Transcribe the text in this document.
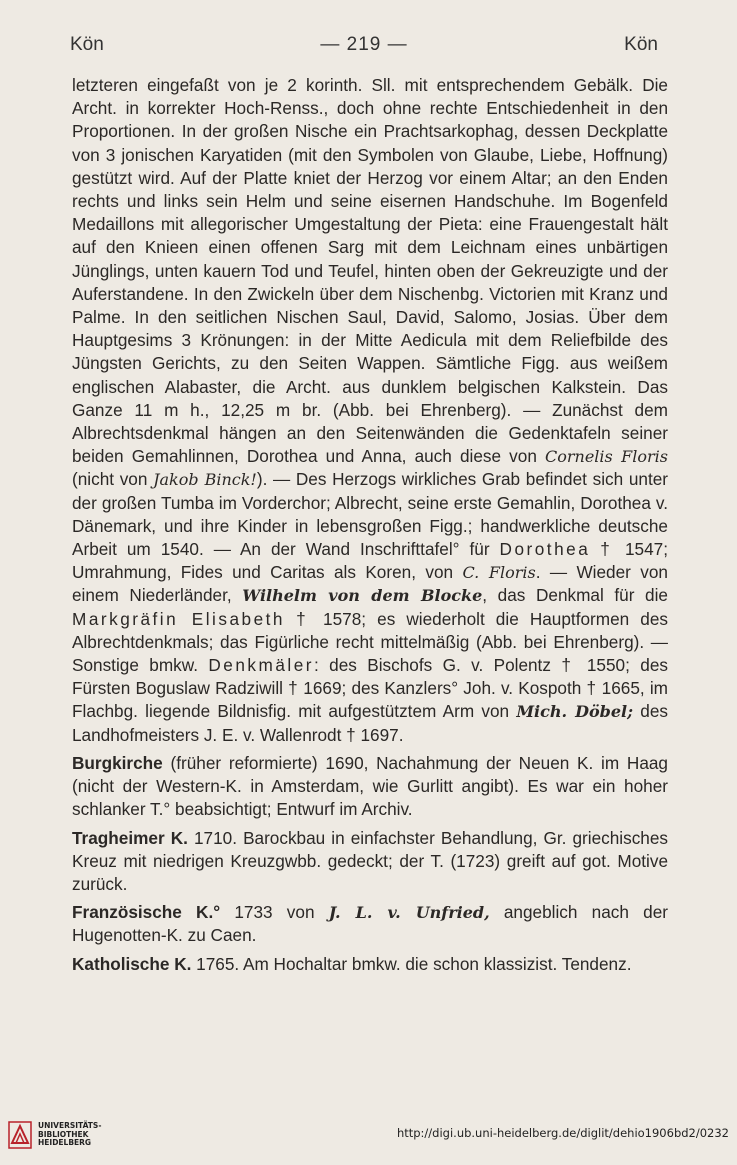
Kön	— 219 —	Kön

letzteren eingefaßt von je 2 korinth. Sll. mit entsprechendem Gebälk. Die Archt. in korrekter Hoch-Renss., doch ohne rechte Entschiedenheit in den Proportionen. In der großen Nische ein Prachtsarkophag, dessen Deckplatte von 3 jonischen Karyatiden (mit den Symbolen von Glaube, Liebe, Hoffnung) gestützt wird. Auf der Platte kniet der Herzog vor einem Altar; an den Enden rechts und links sein Helm und seine eisernen Handschuhe. Im Bogenfeld Medaillons mit allegorischer Umgestaltung der Pieta: eine Frauengestalt hält auf den Knieen einen offenen Sarg mit dem Leichnam eines unbärtigen Jünglings, unten kauern Tod und Teufel, hinten oben der Gekreuzigte und der Auferstandene. In den Zwickeln über dem Nischenbg. Victorien mit Kranz und Palme. In den seitlichen Nischen Saul, David, Salomo, Josias. Über dem Hauptgesims 3 Krönungen: in der Mitte Aedicula mit dem Reliefbilde des Jüngsten Gerichts, zu den Seiten Wappen. Sämtliche Figg. aus weißem englischen Alabaster, die Archt. aus dunklem belgischen Kalkstein. Das Ganze 11 m h., 12,25 m br. (Abb. bei Ehrenberg). — Zunächst dem Albrechtsdenkmal hängen an den Seitenwänden die Gedenktafeln seiner beiden Gemahlinnen, Dorothea und Anna, auch diese von Cornelis Floris (nicht von Jakob Binck!). — Des Herzogs wirkliches Grab befindet sich unter der großen Tumba im Vorderchor; Albrecht, seine erste Gemahlin, Dorothea v. Dänemark, und ihre Kinder in lebensgroßen Figg.; handwerkliche deutsche Arbeit um 1540. — An der Wand Inschrifttafel° für Dorothea † 1547; Umrahmung, Fides und Caritas als Koren, von C. Floris. — Wieder von einem Niederländer, Wilhelm von dem Blocke, das Denkmal für die Markgräfin Elisabeth † 1578; es wiederholt die Hauptformen des Albrechtdenkmals; das Figürliche recht mittelmäßig (Abb. bei Ehrenberg). — Sonstige bmkw. Denkmäler: des Bischofs G. v. Polentz † 1550; des Fürsten Boguslaw Radziwill † 1669; des Kanzlers° Joh. v. Kospoth † 1665, im Flachbg. liegende Bildnisfig. mit aufgestütztem Arm von Mich. Döbel; des Landhofmeisters J. E. v. Wallenrodt † 1697.

Burgkirche (früher reformierte) 1690, Nachahmung der Neuen K. im Haag (nicht der Western-K. in Amsterdam, wie Gurlitt angibt). Es war ein hoher schlanker T.° beabsichtigt; Entwurf im Archiv.

Tragheimer K. 1710. Barockbau in einfachster Behandlung, Gr. griechisches Kreuz mit niedrigen Kreuzgwbb. gedeckt; der T. (1723) greift auf got. Motive zurück.

Französische K.° 1733 von J. L. v. Unfried, angeblich nach der Hugenotten-K. zu Caen.

Katholische K. 1765. Am Hochaltar bmkw. die schon klassizist. Tendenz.

UNIVERSITÄTS-
BIBLIOTHEK
HEIDELBERG
http://digi.ub.uni-heidelberg.de/diglit/dehio1906bd2/0232
